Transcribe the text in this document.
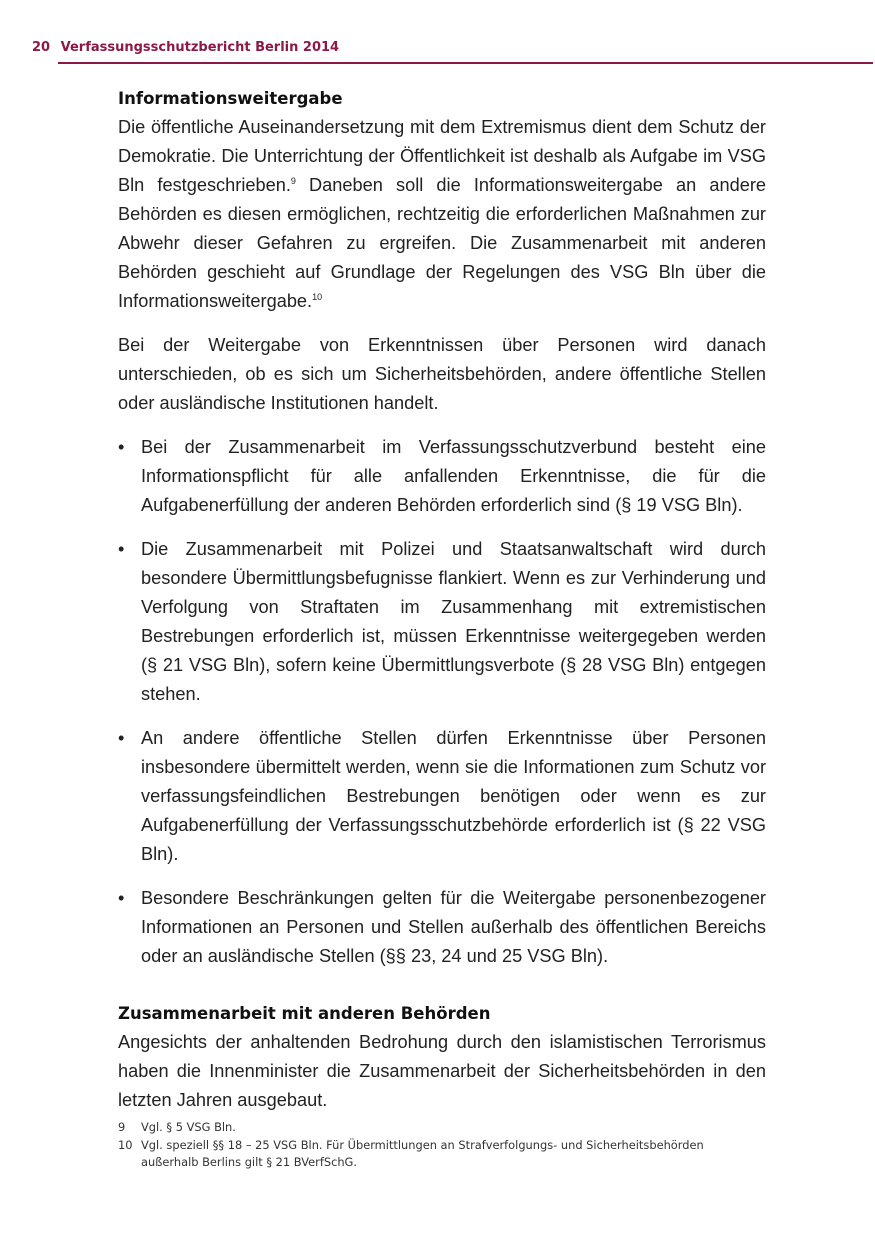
20 Verfassungsschutzbericht Berlin 2014
Informationsweitergabe

Die öffentliche Auseinandersetzung mit dem Extremismus dient dem Schutz der Demokratie. Die Unterrichtung der Öffentlichkeit ist deshalb als Aufgabe im VSG Bln festgeschrieben.$^9$ Daneben soll die Informationsweitergabe an andere Behörden es diesen ermöglichen, rechtzeitig die erforderlichen Maßnahmen zur Abwehr dieser Gefahren zu ergreifen. Die Zusammenarbeit mit anderen Behörden geschieht auf Grundlage der Regelungen des VSG Bln über die Informationsweitergabe.$^{10}$

Bei der Weitergabe von Erkenntnissen über Personen wird danach unterschieden, ob es sich um Sicherheitsbehörden, andere öffentliche Stellen oder ausländische Institutionen handelt.

• Bei der Zusammenarbeit im Verfassungsschutzverbund besteht eine Informationspflicht für alle anfallenden Erkenntnisse, die für die Aufgabenerfüllung der anderen Behörden erforderlich sind (§ 19 VSG Bln).
• Die Zusammenarbeit mit Polizei und Staatsanwaltschaft wird durch besondere Übermittlungsbefugnisse flankiert. Wenn es zur Verhinderung und Verfolgung von Straftaten im Zusammenhang mit extremistischen Bestrebungen erforderlich ist, müssen Erkenntnisse weitergegeben werden (§ 21 VSG Bln), sofern keine Übermittlungsverbote (§ 28 VSG Bln) entgegen stehen.
• An andere öffentliche Stellen dürfen Erkenntnisse über Personen insbesondere übermittelt werden, wenn sie die Informationen zum Schutz vor verfassungsfeindlichen Bestrebungen benötigen oder wenn es zur Aufgabenerfüllung der Verfassungsschutzbehörde erforderlich ist (§ 22 VSG Bln).
• Besondere Beschränkungen gelten für die Weitergabe personenbezogener Informationen an Personen und Stellen außerhalb des öffentlichen Bereichs oder an ausländische Stellen (§§ 23, 24 und 25 VSG Bln).
Zusammenarbeit mit anderen Behörden

Angesichts der anhaltenden Bedrohung durch den islamistischen Terrorismus haben die Innenminister die Zusammenarbeit der Sicherheitsbehörden in den letzten Jahren ausgebaut.

9 Vgl. § 5 VSG Bln.
10 Vgl. speziell §§ 18 – 25 VSG Bln. Für Übermittlungen an Strafverfolgungs- und Sicherheitsbehörden außerhalb Berlins gilt § 21 BVerfSchG.
